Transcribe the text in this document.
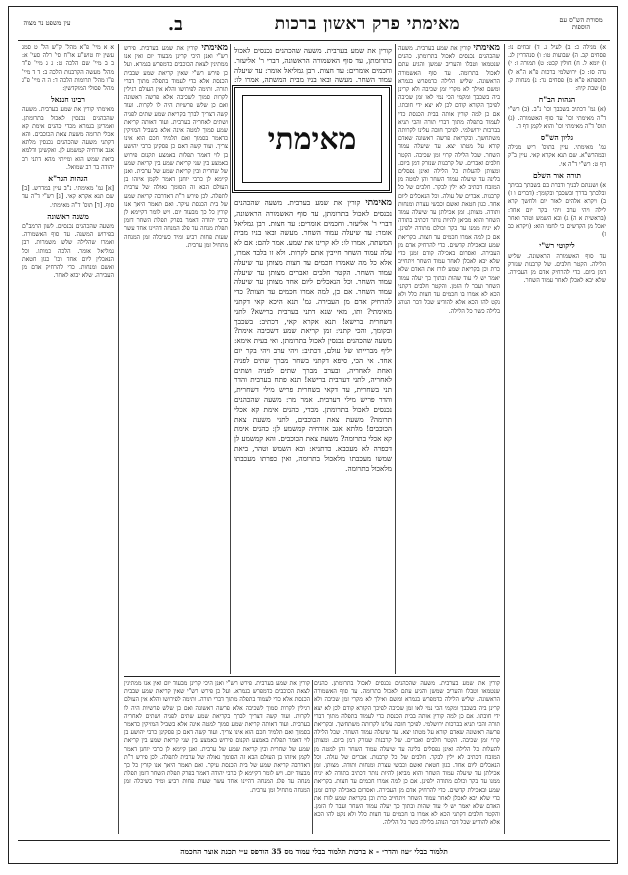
מסורת הש"ס עם הוספות
מאימתי פרק ראשון ברכות
ב.
עין משפט נר מצוה
א) מגילה כ: ב) לעיל ג. ד) זבחים נו: פסחים קב. ה) שבועות טו: ו) סנהדרין לג. ז) יומא ל. ח) חולין קכט: ט) תמורה ז: י) נדה סז: כ) ירושלמי ברכות פ"א ה"א ל) תוספתא פ"א מ) פסחים נד: נ) מנחות ק. ס) שבת קיח:
הגהות הב"ח
(א) גמ' דכתיב בשכבך וכו' נ"ב. (ב) רש"י ד"ה מאימתי וכו' עד סוף האשמורה. (ג) תוס' ד"ה מאימתי וכו' והוא לקמן דף ד.
גליון הש"ס
גמ' מאימתי. עיין בתוס' ריש מגילה ובמהרש"א. שם תנא אקרא קאי. עיין ב"ק דף ט: רש"י ד"ה אי.
תורה אור השלם
א) ושננתם לבניך ודברת בם בשבתך בביתך ובלכתך בדרך ובשכבך ובקומך: (דברים ו ז) ב) ויקרא אלהים לאור יום ולחשך קרא לילה ויהי ערב ויהי בקר יום אחד: (בראשית א ה) ג) ובא השמש וטהר ואחר יאכל מן הקדשים כי לחמו הוא: (ויקרא כב ז)
ליקוטי רש"י
עד סוף האשמורה הראשונה. שליש הלילה. הקטר חלבים. של קרבנות שנזרק דמן ביום. כדי להרחיק אדם מן העבירה. שלא יבא לאכלן לאחר עמוד השחר.
א א מיי' פ"א מהל' ק"ש הל' ט סמג עשין יח טוש"ע או"ח סי' רלה סעי' א: ב ב מיי' שם הלכה ט: ג ג מיי' פ"ד מהל' מעשה הקרבנות הלכה ב: ד ד מיי' פ"ו מהל' תרומות הלכה ד: ה ה מיי' פ"ג מהל' פסולי המוקדשין:
רבינו חננאל
מאימתי קורין את שמע בערבית. משעה שהכהנים נכנסין לאכול בתרומתן. ואמרינן בגמרא מכדי כהנים אימת קא אכלי תרומה משעת צאת הכוכבים. והא דקתני משעה שהכהנים נכנסין מלתא אגב אורחיה קמשמע לן. ואקשינן ודלמא ביאת שמש הוא ומייתי מהא דתני רב יהודה בר רב שמואל.
הגהות הגר"א
[א] גמ' מאימתי. נ"ב עיין במדרש. [ב] שם תנא אקרא קאי. [ג] רש"י ד"ה עד סוף. [ד] תוס' ד"ה מאימתי.
משנה ראשונה
משעה שהכהנים נכנסים. לשון הרמב"ם בפירוש המשנה. עד סוף האשמורה. ואמרו שהלילה שלש משמרות. רבן גמליאל אומר. הלכה כמותו. וכל הנאכלין ליום אחד וכו' כגון חטאת ואשם ומנחות. כדי להרחיק אדם מן העבירה. שלא יבוא לאחר.
מאימתי קורין את שמע בערבית. משעה שהכהנים נכנסים לאכול בתרומתן. כהנים שנטמאו וטבלו והעריב שמשן והגיע עתם לאכול בתרומה. עד סוף האשמורה הראשונה. שליש הלילה כדמפרש בגמרא ומשם ואילך לא מקרי זמן שכיבה ולא קרינן ביה בשכבך ומקמי הכי נמי לאו זמן שכיבה לפיכך הקורא קודם לכן לא יצא ידי חובתו. אם כן למה קורין אותה בבית הכנסת כדי לעמוד בתפלה מתוך דברי תורה והכי תניא בברכות ירושלמי. לפיכך חובה עלינו לקרותה משתחשך. ובקריאת פרשה ראשונה שאדם קורא על מטתו יצא. עד שיעלה עמוד השחר. שכל הלילה קרוי זמן שכיבה. הקטר חלבים ואברים. של קרבנות שנזרק דמן ביום. ומצותן להעלות כל הלילה ואינן נפסלים בלינה עד שיעלה עמוד השחר והן למטה מן המזבח דכתיב לא ילין לבקר. חלבים של כל קרבנות. אברים של עולה. וכל הנאכלים ליום אחד. כגון חטאת ואשם וכבשי עצרת ומנחות ותודה. מצותן. זמן אכילתן עד שיעלה עמוד השחר והוא מביאן להיות נותר דכתיב בתודה לא יניח ממנו עד בקר וכולם מתודה ילפינן. אם כן למה אמרו חכמים עד חצות. בקריאת שמע ובאכילת קדשים. כדי להרחיק אדם מן העבירה. ואסרום באכילה קודם זמנן כדי שלא יבא לאכלן לאחר עמוד השחר ויתחייב כרת וכן בקריאת שמע לזרז את האדם שלא יאמר יש לי עוד שהות ובתוך כך יעלה עמוד השחר ועבר לו הזמן. והקטר חלבים דקתני הכא לא אמרו בו חכמים עד חצות כלל ולא נקט להו הכא אלא להודיע שכל דבר הנוהג בלילה כשר כל הלילה.
מאימתי קורין את שמע בערבית. פירש רש"י ואנן היכי קרינן מבעוד יום ואין אנו ממתינין לצאת הכוכבים כדמפרש בגמרא. ועל כן פירש רש"י שאין קריאת שמע שבבית הכנסת אלא כדי לעמוד בתפלה מתוך דברי תורה. ותימה לפירושו והלא אין העולם רגילין לקרות סמוך לשכיבה אלא פרשה ראשונה ואם כן שלש פרשיות היה לו לקרות. ועוד קשה דצריך לברך בקריאת שמע שתים לפניה ושתים לאחריה בערבית. ועוד דאותה קריאת שמע סמוך למטה אינה אלא בשביל המזיקין כדאמר בסמוך ואם תלמיד חכם הוא אינו צריך. ועוד קשה דאם כן פסקינן כרבי יהושע בן לוי דאמר תפלות באמצע תקנום פירוש באמצע בין שני קריאת שמע בין קריאת שמע של שחרית ובין קריאת שמע של ערבית. ואנן קיימא לן כרבי יוחנן דאמר לקמן איזהו בן העולם הבא זה הסומך גאולה של ערבית לתפלה. לכן פירש ר"ת דאדרבה קריאת שמע של בית הכנסת עיקר. ואם תאמר היאך אנו קורין כל כך מבעוד יום. ויש לומר דקיימא לן כרבי יהודה דאמר בפרק תפלת השחר דזמן תפלת מנחה עד פלג המנחה דהיינו אחד עשר שעות פחות רביע ומיד כשיכלה זמן המנחה מתחיל זמן ערבית.
קורין את שמע בערבית. משעה שהכהנים נכנסים לאכול בתרומתן, עד סוף האשמורה הראשונה, דברי ר' אליעזר. וחכמים אומרים: עד חצות. רבן גמליאל אומר: עד שיעלה עמוד השחר. מעשה ובאו בניו מבית המשתה, אמרו לו:
מאימתי
מאימתי קורין את שמע בערבית. משעה שהכהנים נכנסים לאכול בתרומתן, עד סוף האשמורה הראשונה, דברי ר' אליעזר. וחכמים אומרים: עד חצות. רבן גמליאל אומר: עד שיעלה עמוד השחר. מעשה ובאו בניו מבית המשתה, אמרו לו: לא קרינו את שמע. אמר להם: אם לא עלה עמוד השחר חייבין אתם לקרות. ולא זו בלבד אמרו, אלא כל מה שאמרו חכמים עד חצות מצותן עד שיעלה עמוד השחר. הקטר חלבים ואברים מצותן עד שיעלה עמוד השחר. וכל הנאכלים ליום אחד מצותן עד שיעלה עמוד השחר. אם כן, למה אמרו חכמים עד חצות? כדי להרחיק אדם מן העבירה. גמ' תנא היכא קאי דקתני מאימתי? ותו, מאי שנא דתני בערבית ברישא? לתני דשחרית ברישא! תנא אקרא קאי, דכתיב: בשכבך ובקומך, והכי קתני: זמן קריאת שמע דשכיבה אימת? משעה שהכהנים נכנסין לאכול בתרומתן. ואי בעית אימא: יליף מברייתו של עולם, דכתיב: ויהי ערב ויהי בקר יום אחד. אי הכי, סיפא דקתני בשחר מברך שתים לפניה ואחת לאחריה, ובערב מברך שתים לפניה ושתים לאחריה, לתני דערבית ברישא! תנא פתח בערבית והדר תני בשחרית, עד דקאי בשחרית פריש מילי דשחרית, והדר פריש מילי דערבית. אמר מר: משעה שהכהנים נכנסים לאכול בתרומתן. מכדי, כהנים אימת קא אכלי תרומה? משעת צאת הכוכבים, לתני משעת צאת הכוכבים! מלתא אגב אורחיה קמשמע לן: כהנים אימת קא אכלי בתרומה? משעת צאת הכוכבים. והא קמשמע לן דכפרה לא מעכבא. כדתניא: ובא השמש וטהר, ביאת שמשו מעכבתו מלאכול בתרומה, ואין כפרתו מעכבתו מלאכול בתרומה.
קורין את שמע בערבית. משעה שהכהנים נכנסים לאכול בתרומתן. כהנים שנטמאו וטבלו והעריב שמשן והגיע עתם לאכול בתרומה. עד סוף האשמורה הראשונה. שליש הלילה כדמפרש בגמרא ומשם ואילך לא מקרי זמן שכיבה ולא קרינן ביה בשכבך ומקמי הכי נמי לאו זמן שכיבה לפיכך הקורא קודם לכן לא יצא ידי חובתו. אם כן למה קורין אותה בבית הכנסת כדי לעמוד בתפלה מתוך דברי תורה והכי תניא בברכות ירושלמי. לפיכך חובה עלינו לקרותה משתחשך. ובקריאת פרשה ראשונה שאדם קורא על מטתו יצא. עד שיעלה עמוד השחר. שכל הלילה קרוי זמן שכיבה. הקטר חלבים ואברים. של קרבנות שנזרק דמן ביום. ומצותן להעלות כל הלילה ואינן נפסלים בלינה עד שיעלה עמוד השחר והן למטה מן המזבח דכתיב לא ילין לבקר. חלבים של כל קרבנות. אברים של עולה. וכל הנאכלים ליום אחד. כגון חטאת ואשם וכבשי עצרת ומנחות ותודה. מצותן. זמן אכילתן עד שיעלה עמוד השחר והוא מביאן להיות נותר דכתיב בתודה לא יניח ממנו עד בקר וכולם מתודה ילפינן. אם כן למה אמרו חכמים עד חצות. בקריאת שמע ובאכילת קדשים. כדי להרחיק אדם מן העבירה. ואסרום באכילה קודם זמנן כדי שלא יבא לאכלן לאחר עמוד השחר ויתחייב כרת וכן בקריאת שמע לזרז את האדם שלא יאמר יש לי עוד שהות ובתוך כך יעלה עמוד השחר ועבר לו הזמן. והקטר חלבים דקתני הכא לא אמרו בו חכמים עד חצות כלל ולא נקט להו הכא אלא להודיע שכל דבר הנוהג בלילה כשר כל הלילה.
קורין את שמע בערבית. פירש רש"י ואנן היכי קרינן מבעוד יום ואין אנו ממתינין לצאת הכוכבים כדמפרש בגמרא. ועל כן פירש רש"י שאין קריאת שמע שבבית הכנסת אלא כדי לעמוד בתפלה מתוך דברי תורה. ותימה לפירושו והלא אין העולם רגילין לקרות סמוך לשכיבה אלא פרשה ראשונה ואם כן שלש פרשיות היה לו לקרות. ועוד קשה דצריך לברך בקריאת שמע שתים לפניה ושתים לאחריה בערבית. ועוד דאותה קריאת שמע סמוך למטה אינה אלא בשביל המזיקין כדאמר בסמוך ואם תלמיד חכם הוא אינו צריך. ועוד קשה דאם כן פסקינן כרבי יהושע בן לוי דאמר תפלות באמצע תקנום פירוש באמצע בין שני קריאת שמע בין קריאת שמע של שחרית ובין קריאת שמע של ערבית. ואנן קיימא לן כרבי יוחנן דאמר לקמן איזהו בן העולם הבא זה הסומך גאולה של ערבית לתפלה. לכן פירש ר"ת דאדרבה קריאת שמע של בית הכנסת עיקר. ואם תאמר היאך אנו קורין כל כך מבעוד יום. ויש לומר דקיימא לן כרבי יהודה דאמר בפרק תפלת השחר דזמן תפלת מנחה עד פלג המנחה דהיינו אחד עשר שעות פחות רביע ומיד כשיכלה זמן המנחה מתחיל זמן ערבית.
תלמוד בבלי ״עוז והדר״ - א ברכות תלמוד בבלי עמוד מס 35 הודפס ע״י תכנת אוצר החכמה
